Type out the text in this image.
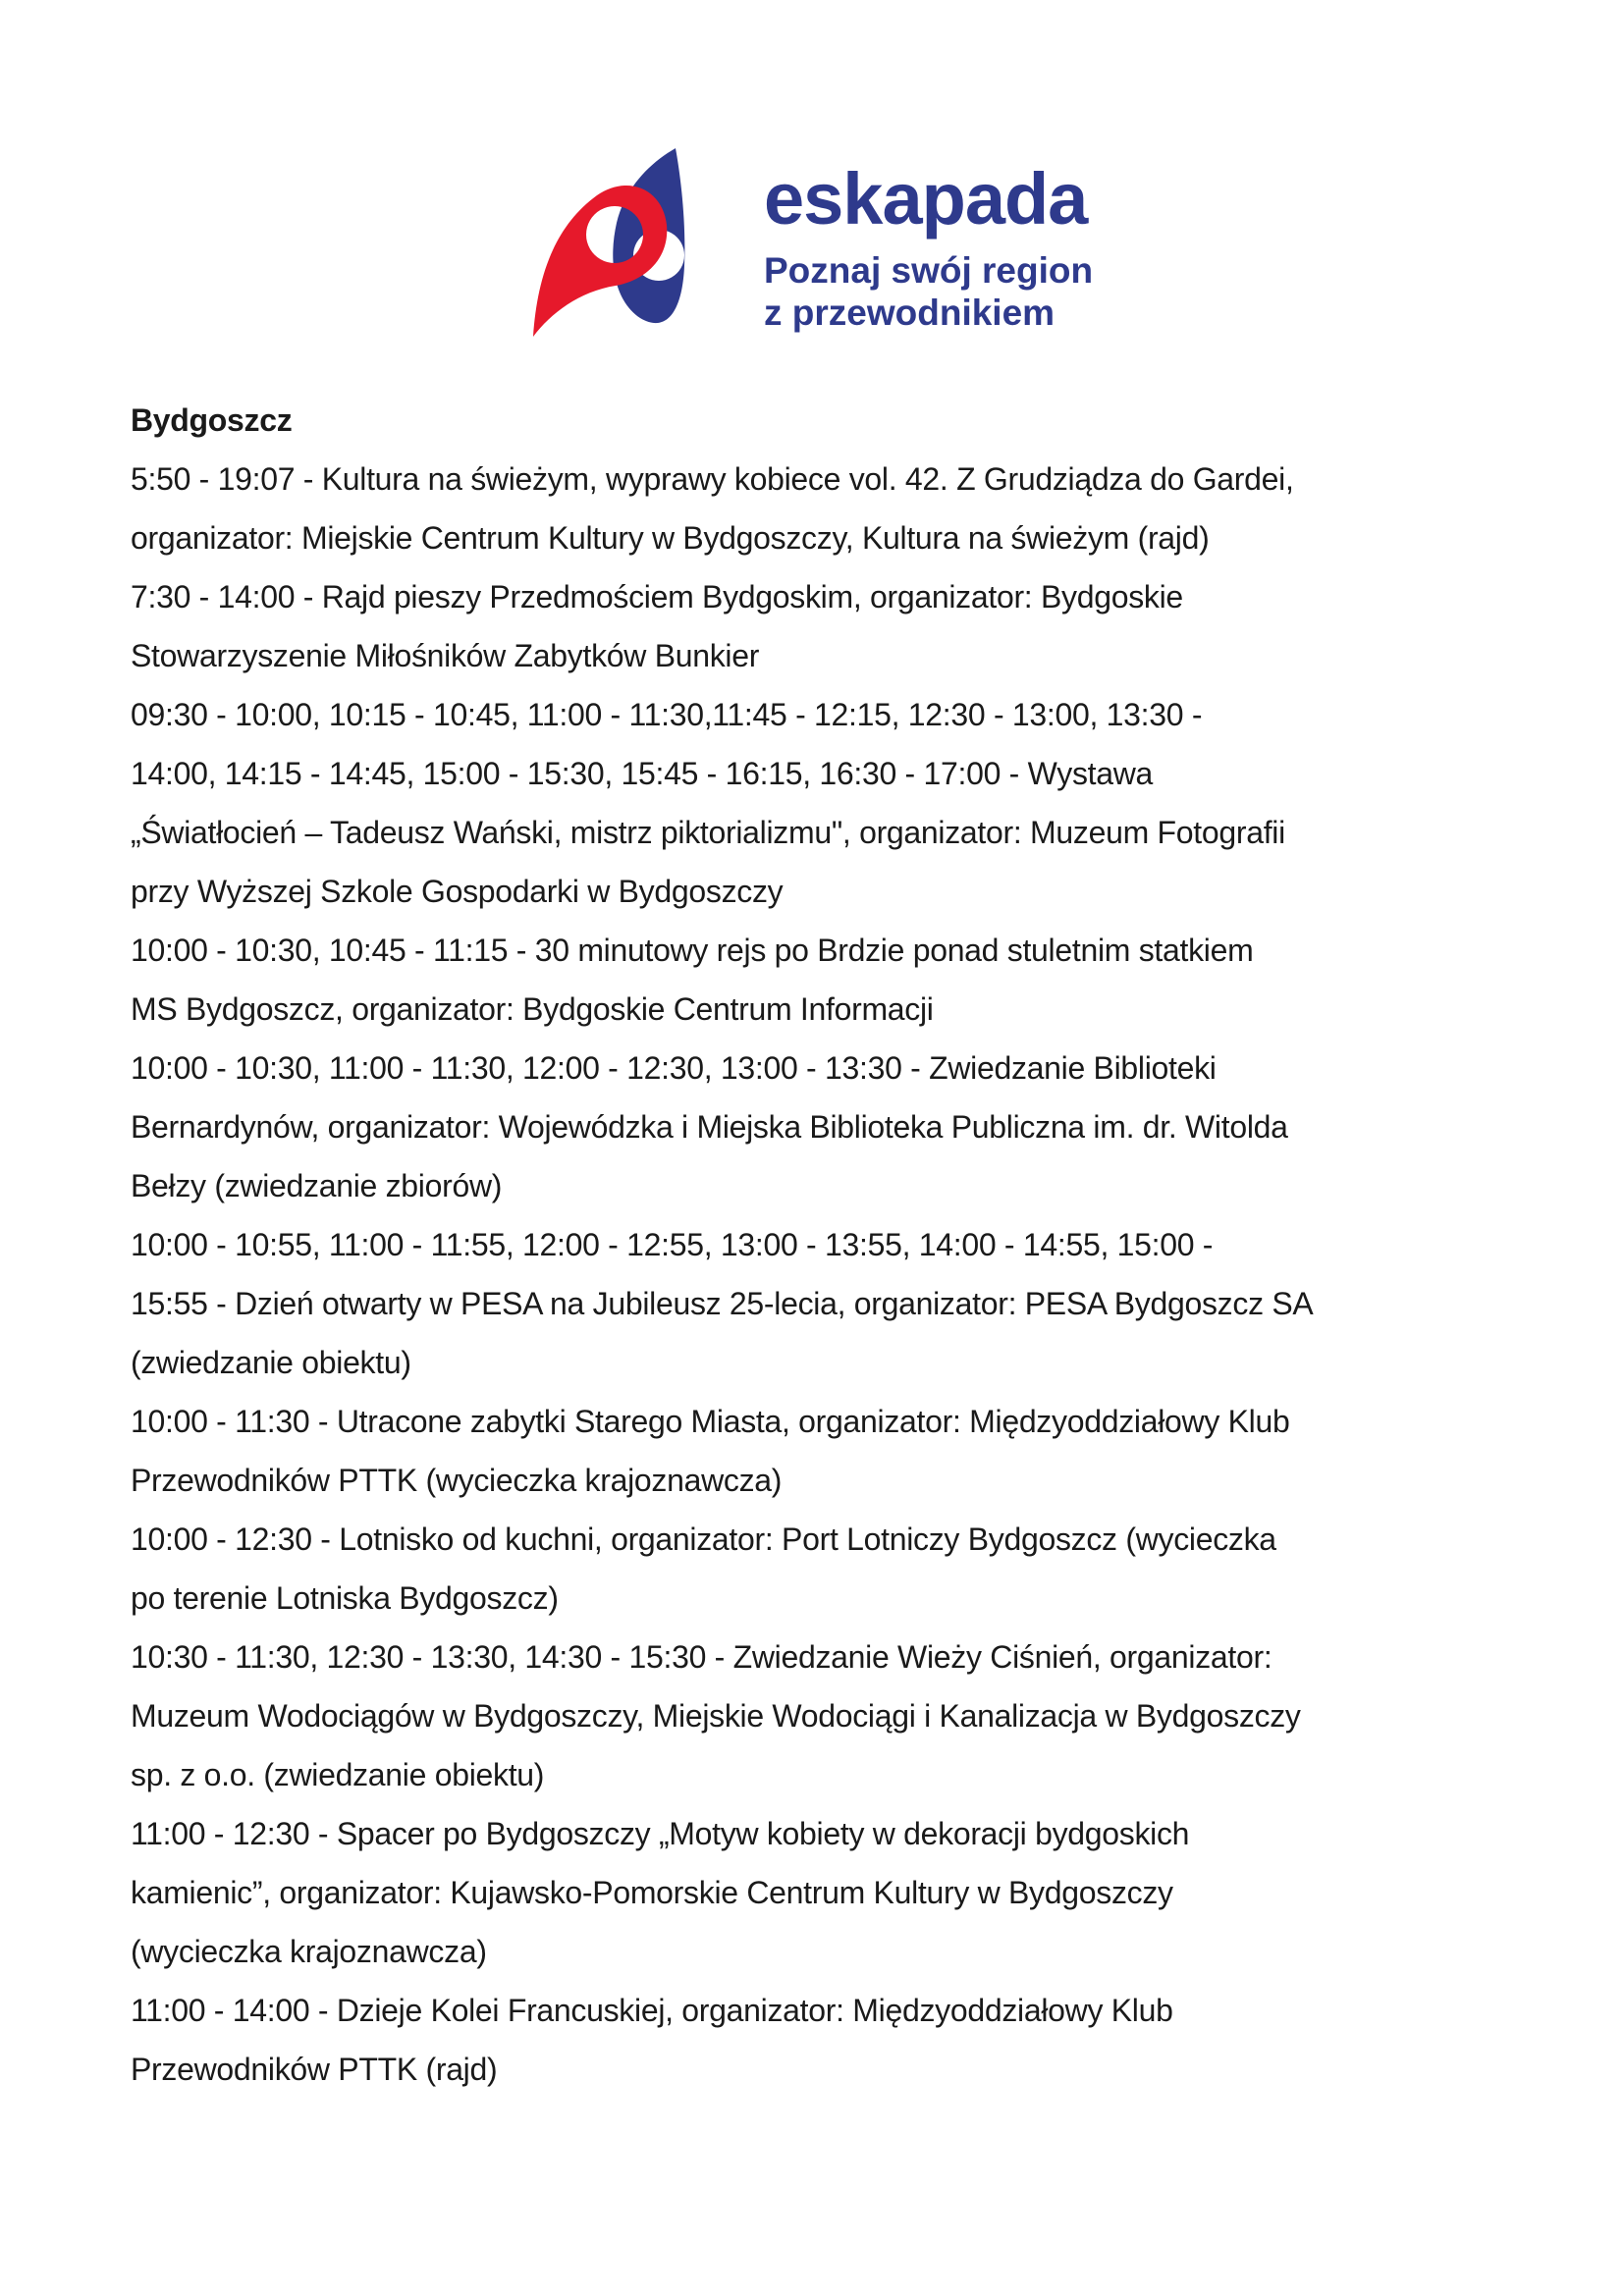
eskapada
Poznaj swój region
z przewodnikiem
Bydgoszcz
5:50 - 19:07 - Kultura na świeżym, wyprawy kobiece vol. 42. Z Grudziądza do Gardei,
organizator: Miejskie Centrum Kultury w Bydgoszczy, Kultura na świeżym (rajd)
7:30 - 14:00 - Rajd pieszy Przedmościem Bydgoskim, organizator: Bydgoskie
Stowarzyszenie Miłośników Zabytków Bunkier
09:30 - 10:00, 10:15 - 10:45, 11:00 - 11:30,11:45 - 12:15, 12:30 - 13:00, 13:30 -
14:00, 14:15 - 14:45, 15:00 - 15:30, 15:45 - 16:15, 16:30 - 17:00 - Wystawa
„Światłocień – Tadeusz Wański, mistrz piktorializmu", organizator: Muzeum Fotografii
przy Wyższej Szkole Gospodarki w Bydgoszczy
10:00 - 10:30, 10:45 - 11:15 - 30 minutowy rejs po Brdzie ponad stuletnim statkiem
MS Bydgoszcz, organizator: Bydgoskie Centrum Informacji
10:00 - 10:30, 11:00 - 11:30, 12:00 - 12:30, 13:00 - 13:30 - Zwiedzanie Biblioteki
Bernardynów, organizator: Wojewódzka i Miejska Biblioteka Publiczna im. dr. Witolda
Bełzy (zwiedzanie zbiorów)
10:00 - 10:55, 11:00 - 11:55, 12:00 - 12:55, 13:00 - 13:55, 14:00 - 14:55, 15:00 -
15:55 - Dzień otwarty w PESA na Jubileusz 25-lecia, organizator: PESA Bydgoszcz SA
(zwiedzanie obiektu)
10:00 - 11:30 - Utracone zabytki Starego Miasta, organizator: Międzyoddziałowy Klub
Przewodników PTTK (wycieczka krajoznawcza)
10:00 - 12:30 - Lotnisko od kuchni, organizator: Port Lotniczy Bydgoszcz (wycieczka
po terenie Lotniska Bydgoszcz)
10:30 - 11:30, 12:30 - 13:30, 14:30 - 15:30 - Zwiedzanie Wieży Ciśnień, organizator:
Muzeum Wodociągów w Bydgoszczy, Miejskie Wodociągi i Kanalizacja w Bydgoszczy
sp. z o.o. (zwiedzanie obiektu)
11:00 - 12:30 - Spacer po Bydgoszczy „Motyw kobiety w dekoracji bydgoskich
kamienic”, organizator: Kujawsko-Pomorskie Centrum Kultury w Bydgoszczy
(wycieczka krajoznawcza)
11:00 - 14:00 - Dzieje Kolei Francuskiej, organizator: Międzyoddziałowy Klub
Przewodników PTTK (rajd)
